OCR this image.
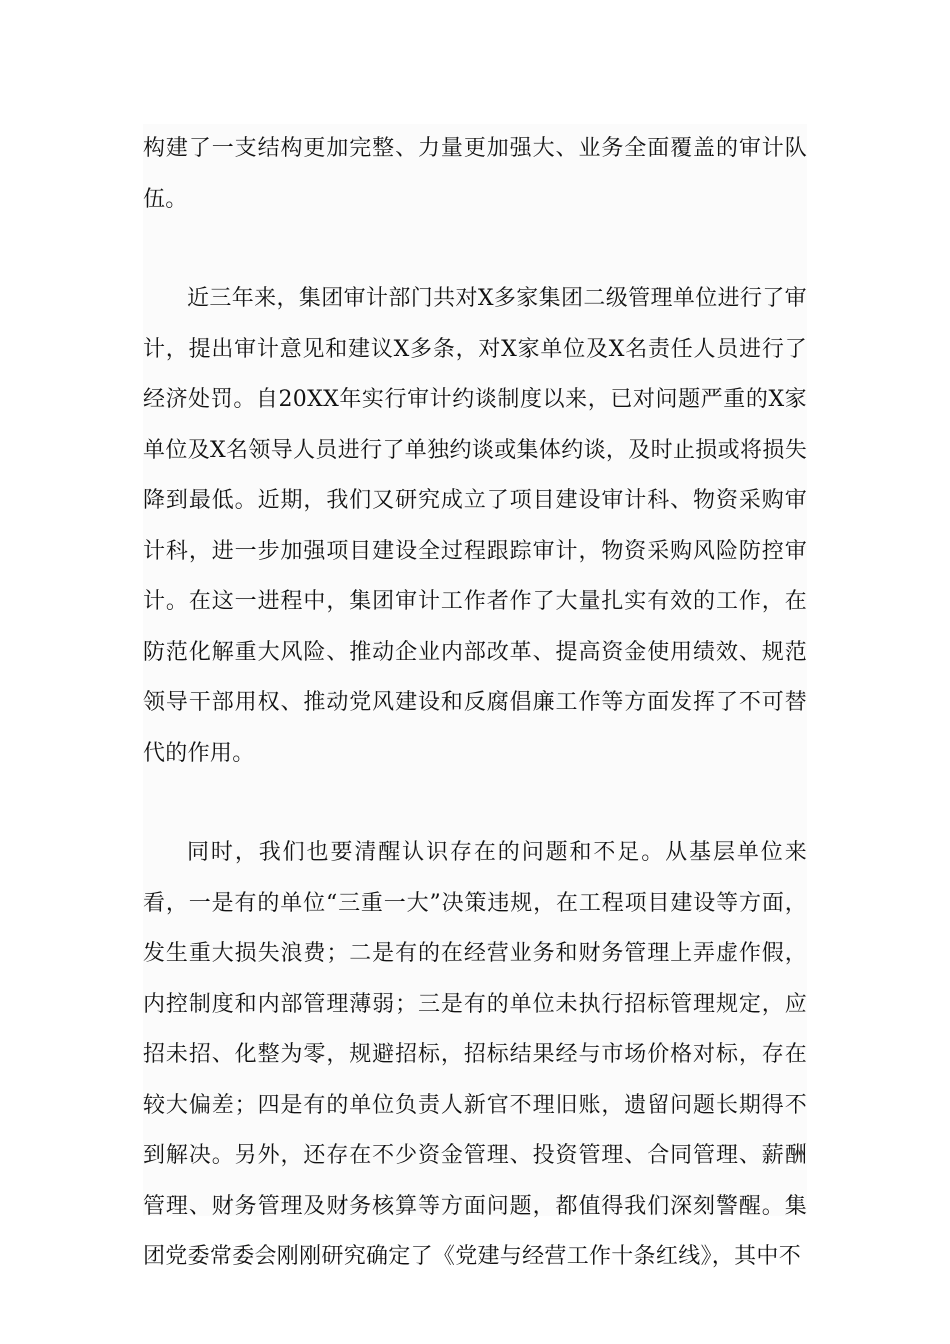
构建了一支结构更加完整、力量更加强大、业务全面覆盖的审计队伍。

近三年来，集团审计部门共对X多家集团二级管理单位进行了审计，提出审计意见和建议X多条，对X家单位及X名责任人员进行了经济处罚。自20XX年实行审计约谈制度以来，已对问题严重的X家单位及X名领导人员进行了单独约谈或集体约谈，及时止损或将损失降到最低。近期，我们又研究成立了项目建设审计科、物资采购审计科，进一步加强项目建设全过程跟踪审计，物资采购风险防控审计。在这一进程中，集团审计工作者作了大量扎实有效的工作，在防范化解重大风险、推动企业内部改革、提高资金使用绩效、规范领导干部用权、推动党风建设和反腐倡廉工作等方面发挥了不可替代的作用。

同时，我们也要清醒认识存在的问题和不足。从基层单位来看，一是有的单位“三重一大”决策违规，在工程项目建设等方面，发生重大损失浪费；二是有的在经营业务和财务管理上弄虚作假，内控制度和内部管理薄弱；三是有的单位未执行招标管理规定，应招未招、化整为零，规避招标，招标结果经与市场价格对标，存在较大偏差；四是有的单位负责人新官不理旧账，遗留问题长期得不到解决。另外，还存在不少资金管理、投资管理、合同管理、薪酬管理、财务管理及财务核算等方面问题，都值得我们深刻警醒。集团党委常委会刚刚研究确定了《党建与经营工作十条红线》，其中不
